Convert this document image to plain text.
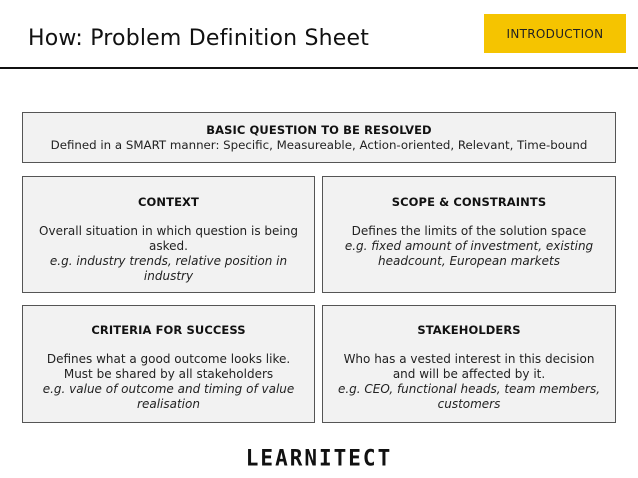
How: Problem Definition Sheet	INTRODUCTION
BASIC QUESTION TO BE RESOLVED
Defined in a SMART manner: Specific, Measureable, Action-oriented, Relevant, Time-bound
CONTEXT
Overall situation in which question is being asked.
e.g. industry trends, relative position in industry
SCOPE & CONSTRAINTS
Defines the limits of the solution space
e.g. fixed amount of investment, existing headcount, European markets
CRITERIA FOR SUCCESS
Defines what a good outcome looks like. Must be shared by all stakeholders
e.g. value of outcome and timing of value realisation
STAKEHOLDERS
Who has a vested interest in this decision and will be affected by it.
e.g. CEO, functional heads, team members, customers
LEARNITECT
